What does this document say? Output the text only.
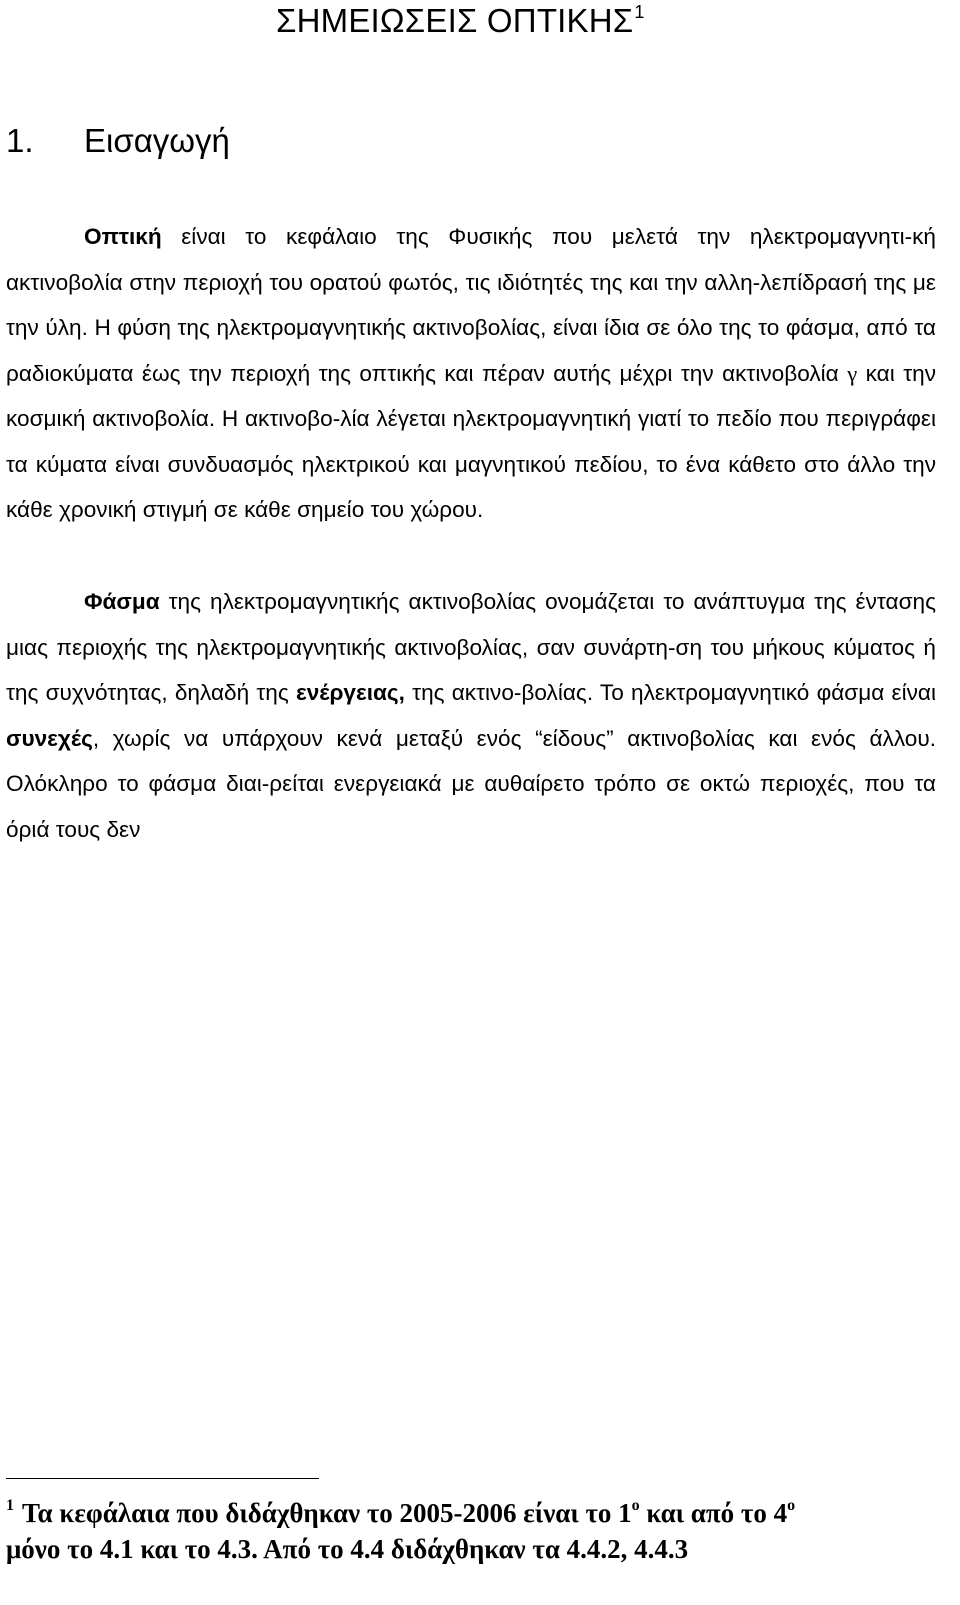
ΣΗΜΕΙΩΣΕΙΣ ΟΠΤΙΚΗΣ$^1$
1. Εισαγωγή

Οπτική είναι το κεφάλαιο της Φυσικής που μελετά την ηλεκτρομαγνητι-κή ακτινοβολία στην περιοχή του ορατού φωτός, τις ιδιότητές της και την αλλη-λεπίδρασή της με την ύλη. Η φύση της ηλεκτρομαγνητικής ακτινοβολίας, είναι ίδια σε όλο της το φάσμα, από τα ραδιοκύματα έως την περιοχή της οπτικής και πέραν αυτής μέχρι την ακτινοβολία γ και την κοσμική ακτινοβολία. Η ακτινοβο-λία λέγεται ηλεκτρομαγνητική γιατί το πεδίο που περιγράφει τα κύματα είναι συνδυασμός ηλεκτρικού και μαγνητικού πεδίου, το ένα κάθετο στο άλλο την κάθε χρονική στιγμή σε κάθε σημείο του χώρου.

Φάσμα της ηλεκτρομαγνητικής ακτινοβολίας ονομάζεται το ανάπτυγμα της έντασης μιας περιοχής της ηλεκτρομαγνητικής ακτινοβολίας, σαν συνάρτη-ση του μήκους κύματος ή της συχνότητας, δηλαδή της ενέργειας, της ακτινο-βολίας. Το ηλεκτρομαγνητικό φάσμα είναι συνεχές, χωρίς να υπάρχουν κενά μεταξύ ενός “είδους” ακτινοβολίας και ενός άλλου. Ολόκληρο το φάσμα διαι-ρείται ενεργειακά με αυθαίρετο τρόπο σε οκτώ περιοχές, που τα όριά τους δεν

$^1$ Τα κεφάλαια που διδάχθηκαν το 2005-2006 είναι το $1^o$ και από το $4^o$
μόνο το 4.1 και το 4.3. Από το 4.4 διδάχθηκαν τα 4.4.2, 4.4.3
